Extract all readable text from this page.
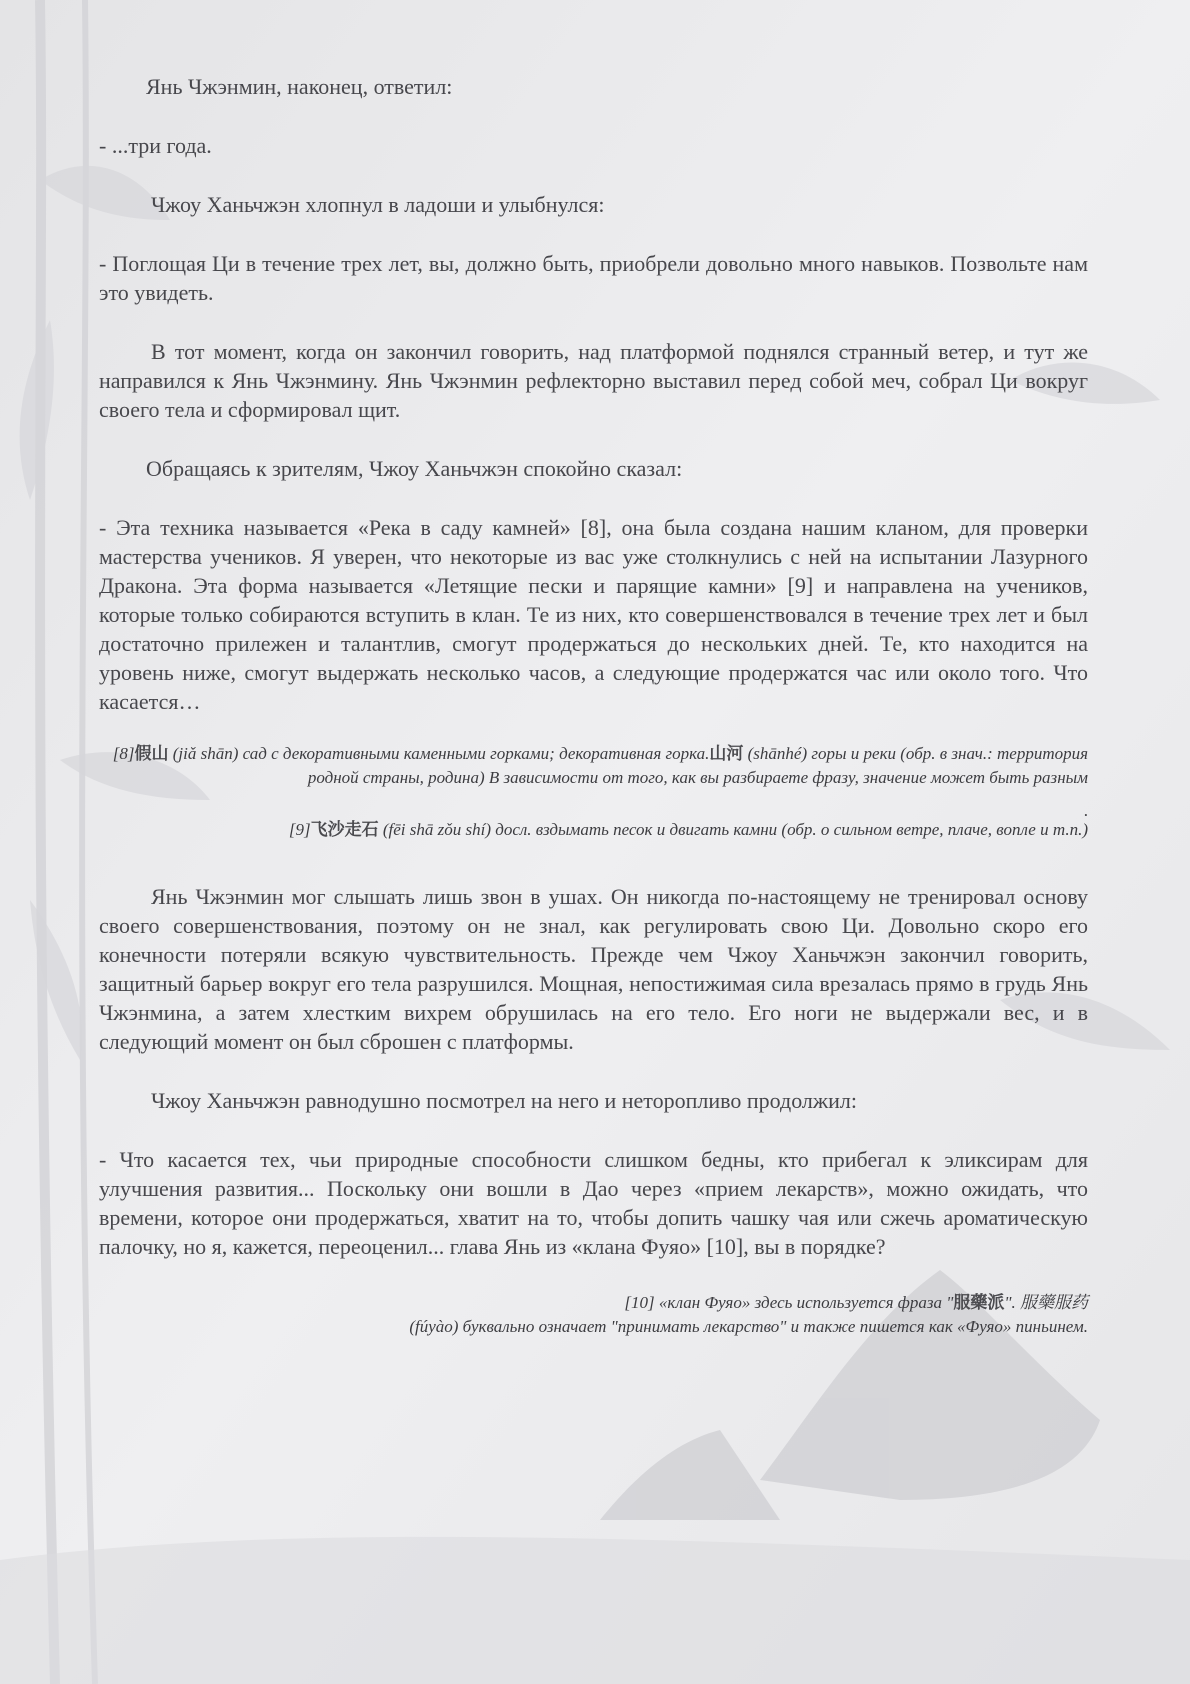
Янь Чжэнмин, наконец, ответил:

- ...три года.

Чжоу Ханьчжэн хлопнул в ладоши и улыбнулся:

- Поглощая Ци в течение трех лет, вы, должно быть, приобрели довольно много навыков. Позвольте нам это увидеть.

В тот момент, когда он закончил говорить, над платформой поднялся странный ветер, и тут же направился к Янь Чжэнмину. Янь Чжэнмин рефлекторно выставил перед собой меч, собрал Ци вокруг своего тела и сформировал щит.

Обращаясь к зрителям, Чжоу Ханьчжэн спокойно сказал:

- Эта техника называется «Река в саду камней» [8], она была создана нашим кланом, для проверки мастерства учеников. Я уверен, что некоторые из вас уже столкнулись с ней на испытании Лазурного Дракона. Эта форма называется «Летящие пески и парящие камни» [9] и направлена на учеников, которые только собираются вступить в клан. Те из них, кто совершенствовался в течение трех лет и был достаточно прилежен и талантлив, смогут продержаться до нескольких дней. Те, кто находится на уровень ниже, смогут выдержать несколько часов, а следующие продержатся час или около того. Что касается…

[8]假山 (jiǎ shān) сад с декоративными каменными горками; декоративная горка.山河 (shānhé) горы и реки (обр. в знач.: территория родной страны, родина) В зависимости от того, как вы разбираете фразу, значение может быть разным

.

[9]飞沙走石 (fēi shā zǒu shí) досл. вздымать песок и двигать камни (обр. о сильном ветре, плаче, вопле и т.п.)

Янь Чжэнмин мог слышать лишь звон в ушах. Он никогда по-настоящему не тренировал основу своего совершенствования, поэтому он не знал, как регулировать свою Ци. Довольно скоро его конечности потеряли всякую чувствительность. Прежде чем Чжоу Ханьчжэн закончил говорить, защитный барьер вокруг его тела разрушился. Мощная, непостижимая сила врезалась прямо в грудь Янь Чжэнмина, а затем хлестким вихрем обрушилась на его тело. Его ноги не выдержали вес, и в следующий момент он был сброшен с платформы.

Чжоу Ханьчжэн равнодушно посмотрел на него и неторопливо продолжил:

- Что касается тех, чьи природные способности слишком бедны, кто прибегал к эликсирам для улучшения развития... Поскольку они вошли в Дао через «прием лекарств», можно ожидать, что времени, которое они продержаться, хватит на то, чтобы допить чашку чая или сжечь ароматическую палочку, но я, кажется, переоценил... глава Янь из «клана Фуяо» [10], вы в порядке?

[10] «клан Фуяо» здесь используется фраза "服藥派". 服藥服药

(fúyào) буквально означает "принимать лекарство" и также пишется как «Фуяо» пиньинем.
